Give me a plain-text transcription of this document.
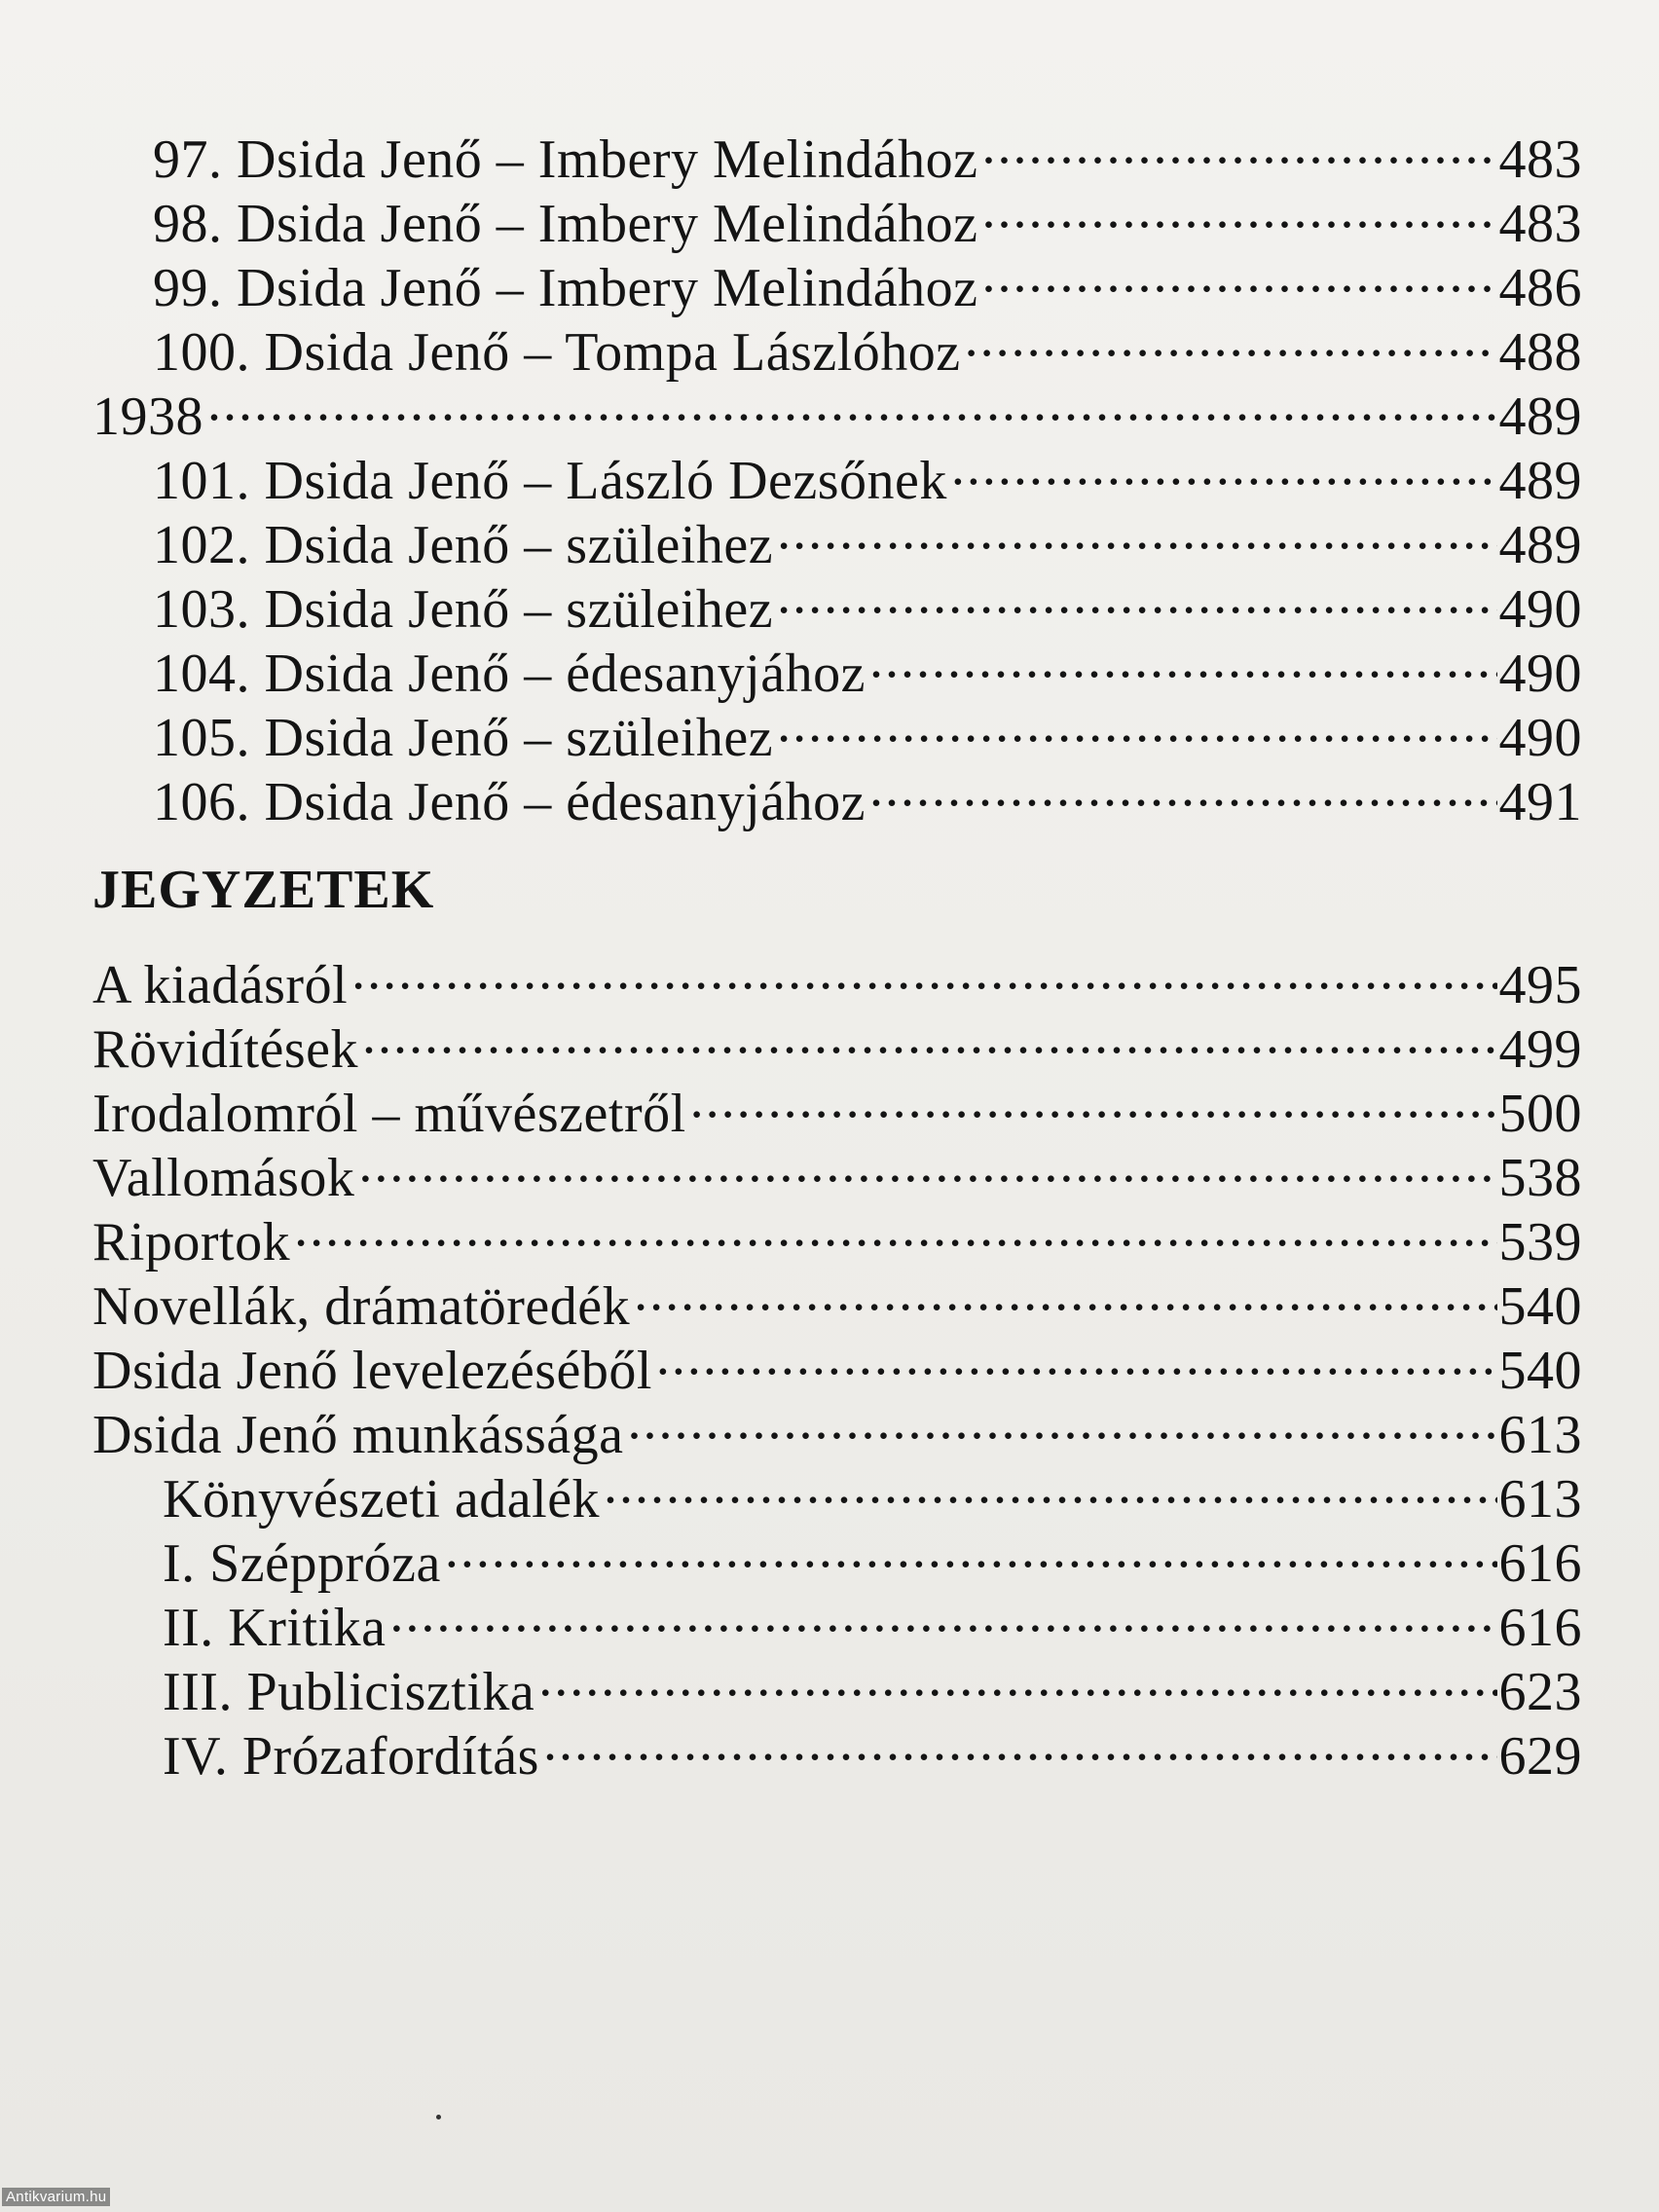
97. Dsida Jenő – Imbery Melindához .....	483
98. Dsida Jenő – Imbery Melindához .....	483
99. Dsida Jenő – Imbery Melindához .....	486
100. Dsida Jenő – Tompa Lászlóhoz .....	488
1938 .....	489
101. Dsida Jenő – László Dezsőnek .....	489
102. Dsida Jenő – szüleihez .....	489
103. Dsida Jenő – szüleihez .....	490
104. Dsida Jenő – édesanyjához .....	490
105. Dsida Jenő – szüleihez .....	490
106. Dsida Jenő – édesanyjához .....	491
JEGYZETEK
A kiadásról .....	495
Rövidítések .....	499
Irodalomról – művészetről .....	500
Vallomások .....	538
Riportok .....	539
Novellák, drámatöredék .....	540
Dsida Jenő levelezéséből .....	540
Dsida Jenő munkássága .....	613
Könyvészeti adalék .....	613
I. Széppróza .....	616
II. Kritika .....	616
III. Publicisztika .....	623
IV. Prózafordítás .....	629
Antikvarium.hu
